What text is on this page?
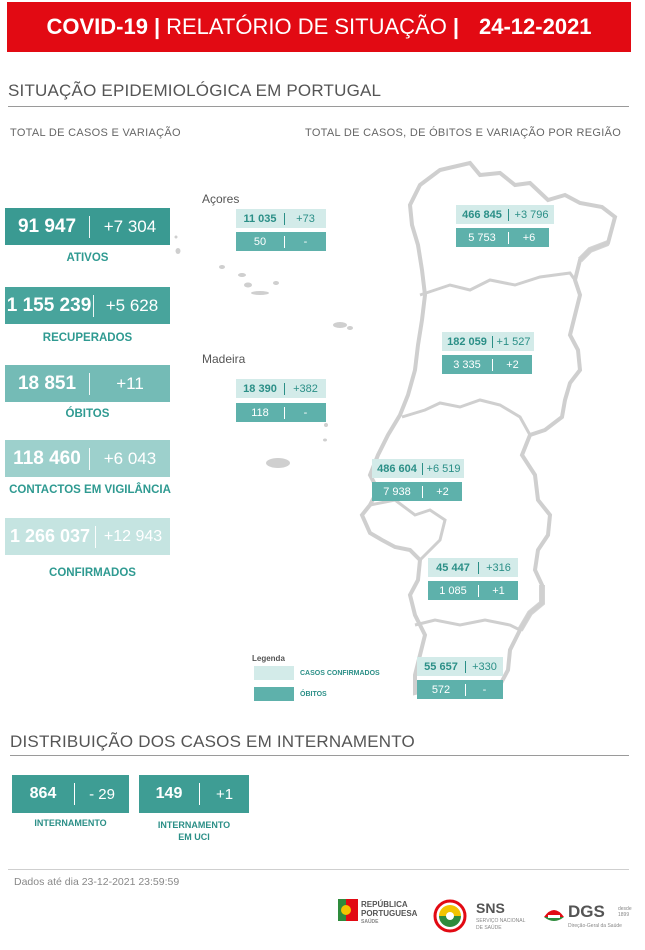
COVID-19 | RELATÓRIO DE SITUAÇÃO | 24-12-2021
SITUAÇÃO EPIDEMIOLÓGICA EM PORTUGAL
TOTAL DE CASOS E VARIAÇÃO	TOTAL DE CASOS, DE ÓBITOS E VARIAÇÃO POR REGIÃO
91 947	+7 304
ATIVOS
1 155 239 +5 628
RECUPERADOS
18 851	+11
ÓBITOS
118 460	+6 043
CONTACTOS EM VIGILÂNCIA
1 266 037 +12 943
CONFIRMADOS
Açores
Madeira
11 035	+73
50	-
18 390	+382
118	-
466 845	+3 796
5 753	+6
182 059 +1 527
3 335	+2
486 604 +6 519
7 938	+2
45 447	+316
1 085	+1
55 657	+330
572	-
Legenda
CASOS CONFIRMADOS
ÓBITOS
DISTRIBUIÇÃO DOS CASOS EM INTERNAMENTO
864	- 29
INTERNAMENTO
149	+1
INTERNAMENTO
EM UCI
Dados até dia 23-12-2021 23:59:59
REPÚBLICA
PORTUGUESA
SAÚDE
SNS
SERVIÇO NACIONAL
DE SAÚDE
DGS	desde
1899
Direção-Geral da Saúde
